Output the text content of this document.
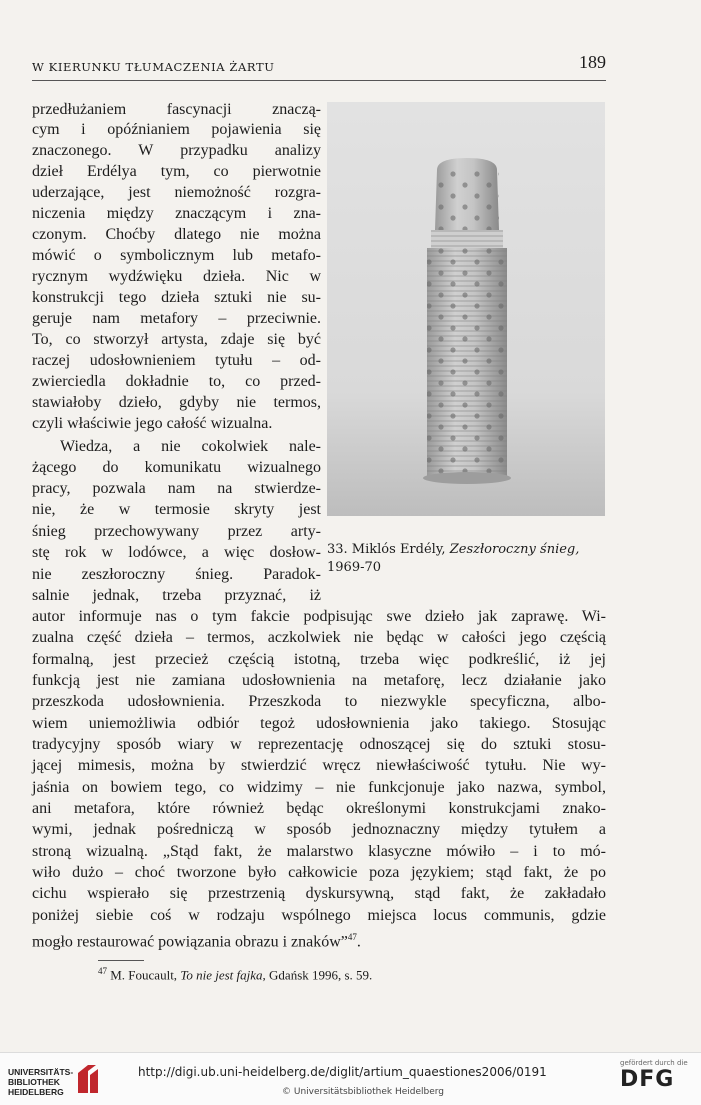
W KIERUNKU TŁUMACZENIA ŻARTU	189
przedłużaniem fascynacji znaczą-
cym i opóźnianiem pojawienia się
znaczonego. W przypadku analizy
dzieł Erdélya tym, co pierwotnie
uderzające, jest niemożność rozgra-
niczenia między znaczącym i zna-
czonym. Choćby dlatego nie można
mówić o symbolicznym lub metafo-
rycznym wydźwięku dzieła. Nic w
konstrukcji tego dzieła sztuki nie su-
geruje nam metafory – przeciwnie.
To, co stworzył artysta, zdaje się być
raczej udosłownieniem tytułu – od-
zwierciedla dokładnie to, co przed-
stawiałoby dzieło, gdyby nie termos,
czyli właściwie jego całość wizualna.
Wiedza, a nie cokolwiek nale-
żącego do komunikatu wizualnego
pracy, pozwala nam na stwierdze-
nie, że w termosie skryty jest
śnieg przechowywany przez arty-
stę rok w lodówce, a więc dosłow-
nie zeszłoroczny śnieg. Paradok-
salnie jednak, trzeba przyznać, iż
33. Miklós Erdély, Zeszłoroczny śnieg,
1969-70
autor informuje nas o tym fakcie podpisując swe dzieło jak zaprawę. Wi-
zualna część dzieła – termos, aczkolwiek nie będąc w całości jego częścią
formalną, jest przecież częścią istotną, trzeba więc podkreślić, iż jej
funkcją jest nie zamiana udosłownienia na metaforę, lecz działanie jako
przeszkoda udosłownienia. Przeszkoda to niezwykle specyficzna, albo-
wiem uniemożliwia odbiór tegoż udosłownienia jako takiego. Stosując
tradycyjny sposób wiary w reprezentację odnoszącej się do sztuki stosu-
jącej mimesis, można by stwierdzić wręcz niewłaściwość tytułu. Nie wy-
jaśnia on bowiem tego, co widzimy – nie funkcjonuje jako nazwa, symbol,
ani metafora, które również będąc określonymi konstrukcjami znako-
wymi, jednak pośredniczą w sposób jednoznaczny między tytułem a
stroną wizualną. „Stąd fakt, że malarstwo klasyczne mówiło – i to mó-
wiło dużo – choć tworzone było całkowicie poza językiem; stąd fakt, że po
cichu wspierało się przestrzenią dyskursywną, stąd fakt, że zakładało
poniżej siebie coś w rodzaju wspólnego miejsca locus communis, gdzie
mogło restaurować powiązania obrazu i znaków”$^{47}$.
$^{47}$ M. Foucault, To nie jest fajka, Gdańsk 1996, s. 59.
UNIVERSITÄTS-
BIBLIOTHEK
HEIDELBERG
http://digi.ub.uni-heidelberg.de/diglit/artium_quaestiones2006/0191
© Universitätsbibliothek Heidelberg
gefördert durch die
DFG
